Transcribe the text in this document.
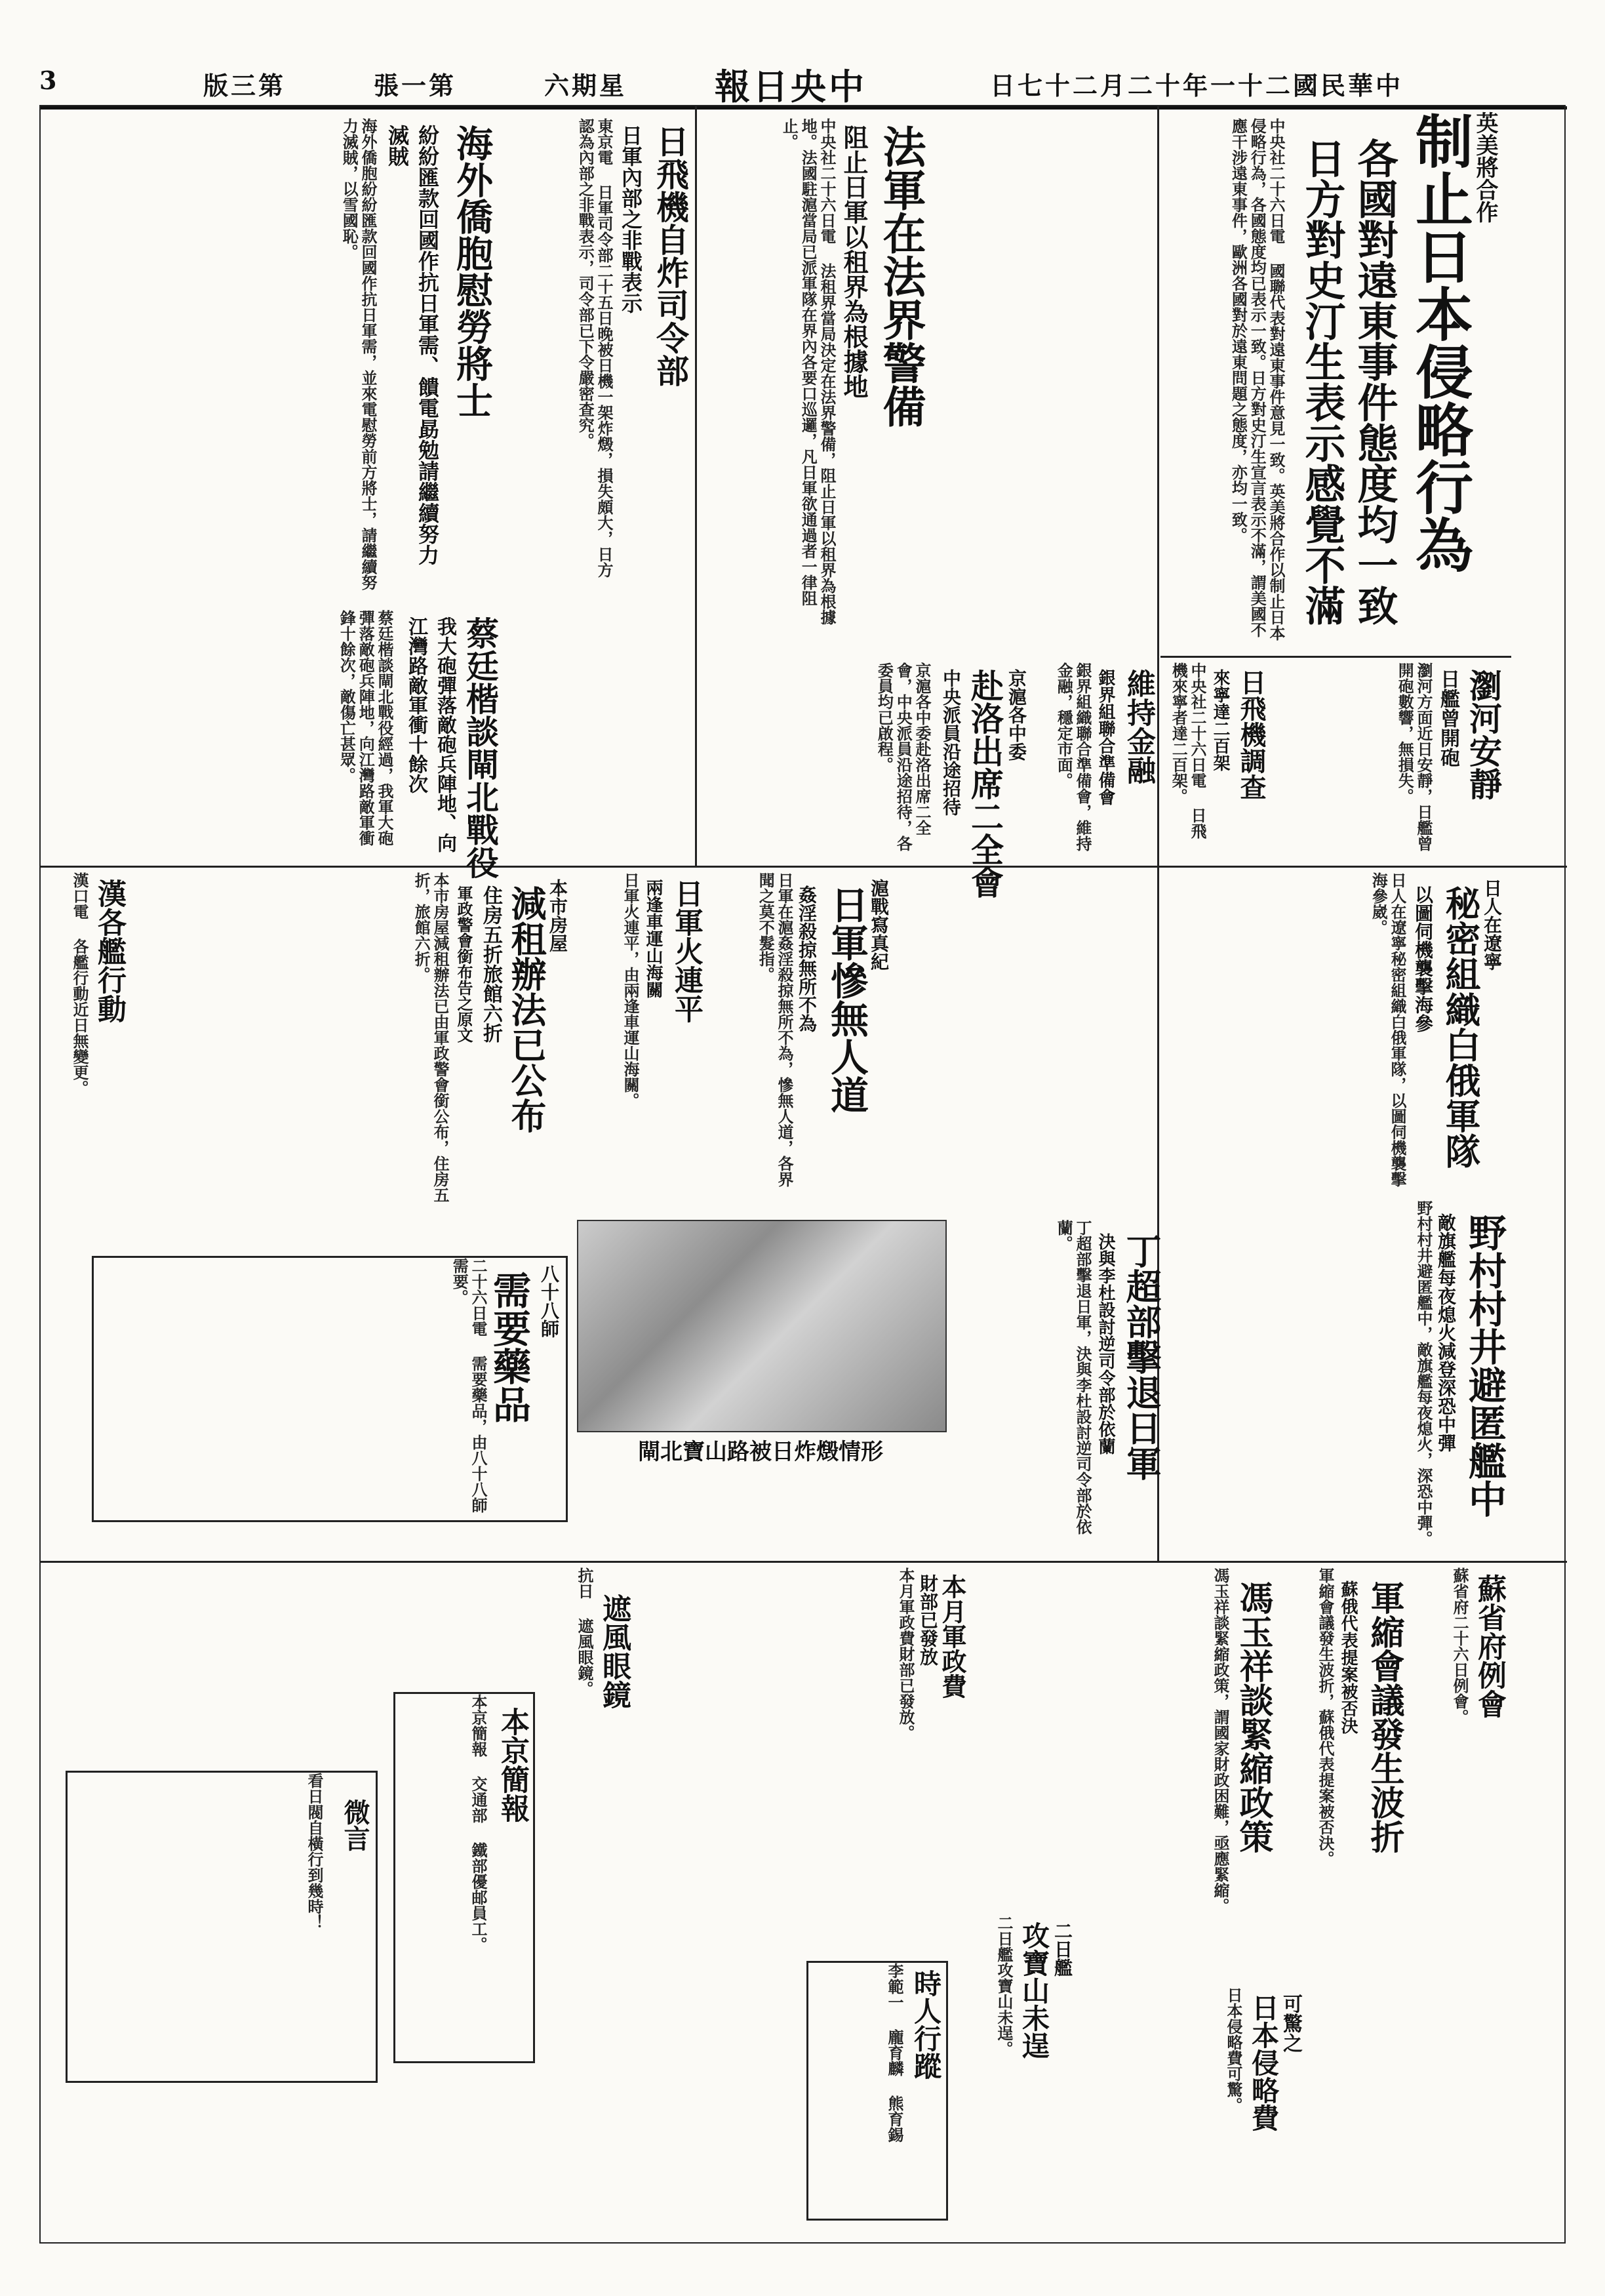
3	版三第	張一第	六期星 報日央中	日七十二月二十年一十二國民華中
英美將合作
制止日本侵略行為
各國對遠東事件態度均一致
日方對史汀生表示感覺不滿
中央社二十六日電 國聯代表對遠東事件意見一致。英美將合作以制止日本侵略行為，各國態度均已表示一致。日方對史汀生宣言表示不滿，謂美國不應干涉遠東事件，歐洲各國對於遠東問題之態度，亦均一致。
法軍在法界警備
阻止日軍以租界為根據地
中央社二十六日電 法租界當局決定在法界警備，阻止日軍以租界為根據地。法國駐滬當局已派軍隊在界內各要口巡邏，凡日軍欲通過者一律阻止。
日飛機自炸司令部
日軍內部之非戰表示
東京電 日軍司令部二十五日晚被日機一架炸燬，損失頗大，日方認為內部之非戰表示，司令部已下令嚴密查究。
海外僑胞慰勞將士
紛紛匯款回國作抗日軍需、饋電勗勉請繼續努力滅賊
海外僑胞紛紛匯款回國作抗日軍需，並來電慰勞前方將士，請繼續努力滅賊，以雪國恥。
蔡廷楷談閘北戰役
我大砲彈落敵砲兵陣地、向江灣路敵軍衝十餘次
蔡廷楷談閘北戰役經過，我軍大砲彈落敵砲兵陣地，向江灣路敵軍衝鋒十餘次，敵傷亡甚眾。	瀏河安靜
日艦曾開砲
瀏河方面近日安靜，日艦曾開砲數響，無損失。
日飛機調查
來寧達二百架
中央社二十六日電 日飛機來寧者達二百架。
維持金融
銀界組聯合準備會
銀界組織聯合準備會，維持金融，穩定市面。
京滬各中委
赴洛出席二全會
中央派員沿途招待
京滬各中委赴洛出席二全會，中央派員沿途招待，各委員均已啟程。
漢各艦行動
漢口電 各艦行動近日無變更。	滬戰寫真紀
日軍慘無人道
姦淫殺掠無所不為
日軍在滬姦淫殺掠無所不為，慘無人道，各界聞之莫不髮指。
日軍火連平
兩逢車運山海關
日軍火連平，由兩逢車運山海關。
本市房屋
減租辦法已公布
住房五折旅館六折
軍政警會銜布告之原文
本市房屋減租辦法已由軍政警會銜公布，住房五折，旅館六折。	日人在遼寧
秘密組織白俄軍隊
以圖伺機襲擊海參
日人在遼寧秘密組織白俄軍隊，以圖伺機襲擊海參崴。
野村村井避匿艦中
敵旗艦每夜熄火減登深恐中彈
野村村井避匿艦中，敵旗艦每夜熄火，深恐中彈。
閘北寶山路被日炸燬情形	丁超部擊退日軍
決與李杜設討逆司令部於依蘭
丁超部擊退日軍，決與李杜設討逆司令部於依蘭。
八十八師
需要藥品
二十六日電 需要藥品，由八十八師需要。
軍縮會議發生波折
蘇俄代表提案被否決
軍縮會議發生波折，蘇俄代表提案被否決。	蘇省府例會
蘇省府二十六日例會。
馮玉祥談緊縮政策
馮玉祥談緊縮政策，謂國家財政困難，亟應緊縮。
本月軍政費
財部已發放
本月軍政費財部已發放。
可驚之
日本侵略費
日本侵略費可驚。
二日艦
攻寶山未逞
二日艦攻寶山未逞。
時人行蹤
李範一 龐育麟 熊育錫
遮風眼鏡
抗日 遮風眼鏡。
本京簡報
本京簡報 交通部 鐵部優邮員工。
微言
看日閥自橫行到幾時！
